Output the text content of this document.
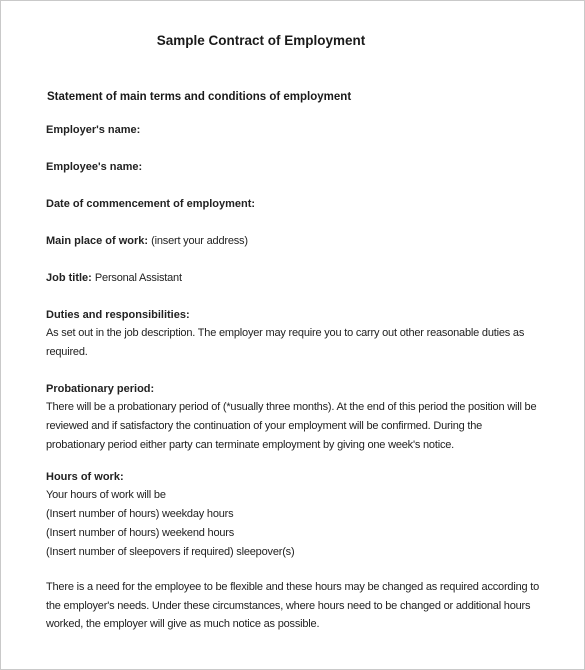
Sample Contract of Employment
Statement of main terms and conditions of employment
Employer's name:
Employee's name:
Date of commencement of employment:
Main place of work: (insert your address)
Job title: Personal Assistant
Duties and responsibilities:
As set out in the job description. The employer may require you to carry out other reasonable duties as
required.
Probationary period:
There will be a probationary period of (*usually three months). At the end of this period the position will be
reviewed and if satisfactory the continuation of your employment will be confirmed. During the
probationary period either party can terminate employment by giving one week's notice.
Hours of work:
Your hours of work will be
(Insert number of hours) weekday hours
(Insert number of hours) weekend hours
(Insert number of sleepovers if required) sleepover(s)
There is a need for the employee to be flexible and these hours may be changed as required according to
the employer's needs. Under these circumstances, where hours need to be changed or additional hours
worked, the employer will give as much notice as possible.
